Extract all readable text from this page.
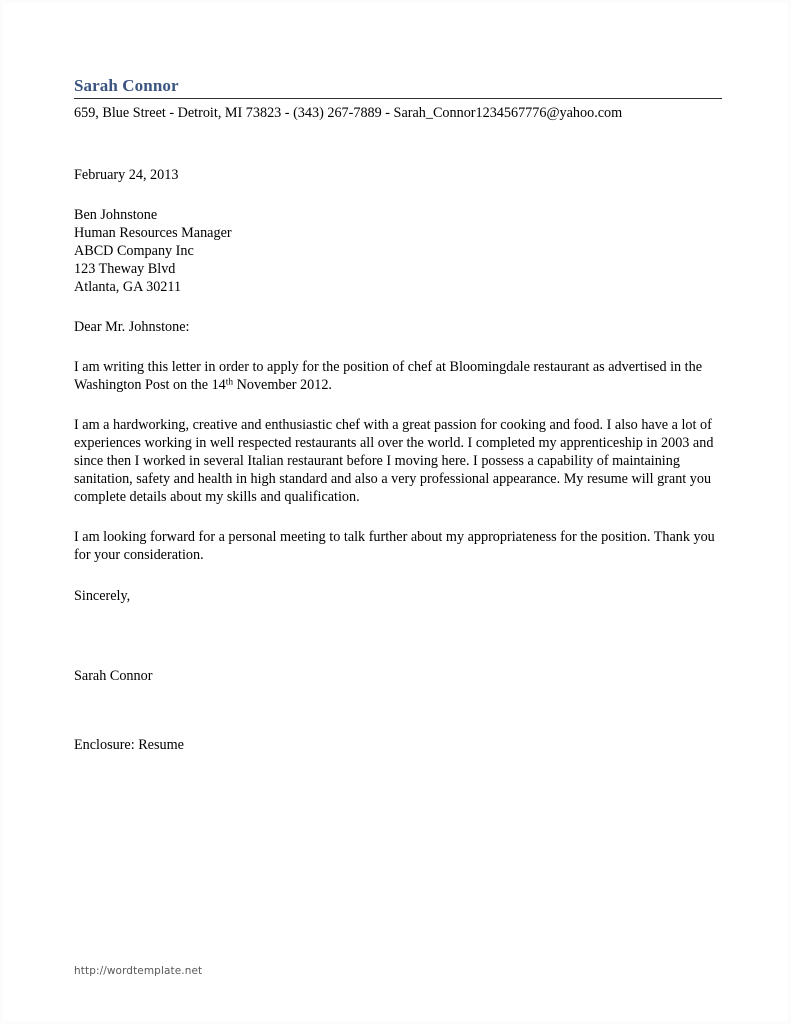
Sarah Connor
659, Blue Street - Detroit, MI 73823 - (343) 267-7889 - Sarah_Connor1234567776@yahoo.com
February 24, 2013
Ben Johnstone
Human Resources Manager
ABCD Company Inc
123 Theway Blvd
Atlanta, GA 30211
Dear Mr. Johnstone:

I am writing this letter in order to apply for the position of chef at Bloomingdale restaurant as advertised in the Washington Post on the 14th November 2012.

I am a hardworking, creative and enthusiastic chef with a great passion for cooking and food. I also have a lot of experiences working in well respected restaurants all over the world. I completed my apprenticeship in 2003 and since then I worked in several Italian restaurant before I moving here. I possess a capability of maintaining sanitation, safety and health in high standard and also a very professional appearance. My resume will grant you complete details about my skills and qualification.

I am looking forward for a personal meeting to talk further about my appropriateness for the position. Thank you for your consideration.

Sincerely,
Sarah Connor
Enclosure: Resume
http://wordtemplate.net
